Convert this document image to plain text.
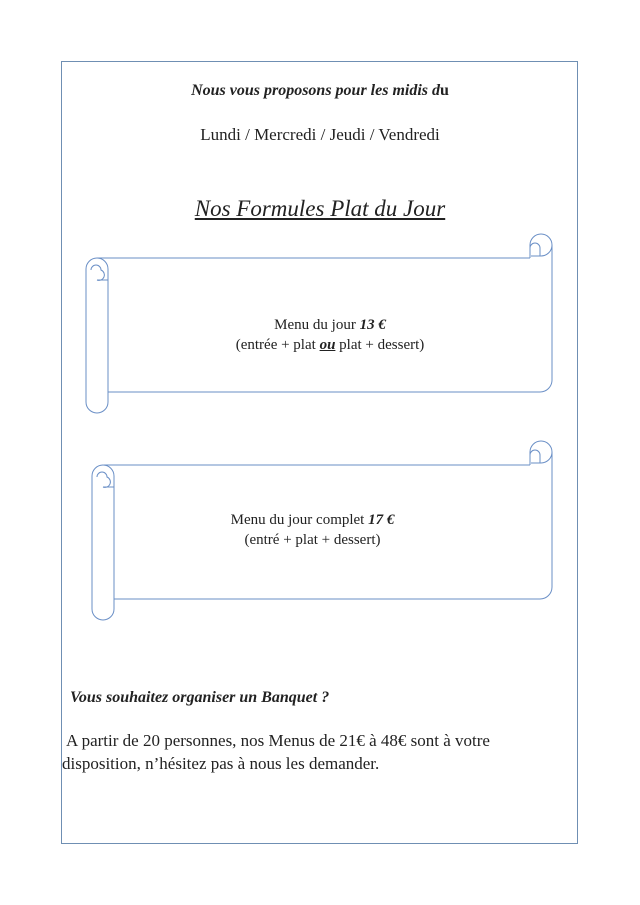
Nous vous proposons pour les midis du
Lundi / Mercredi / Jeudi / Vendredi
Nos Formules Plat du Jour
Menu du jour 13 €
(entrée + plat ou plat + dessert)
Menu du jour complet 17 €
(entré + plat + dessert)
Vous souhaitez organiser un Banquet ?
A partir de 20 personnes, nos Menus de 21€ à 48€ sont à votre
disposition, n’hésitez pas à nous les demander.
